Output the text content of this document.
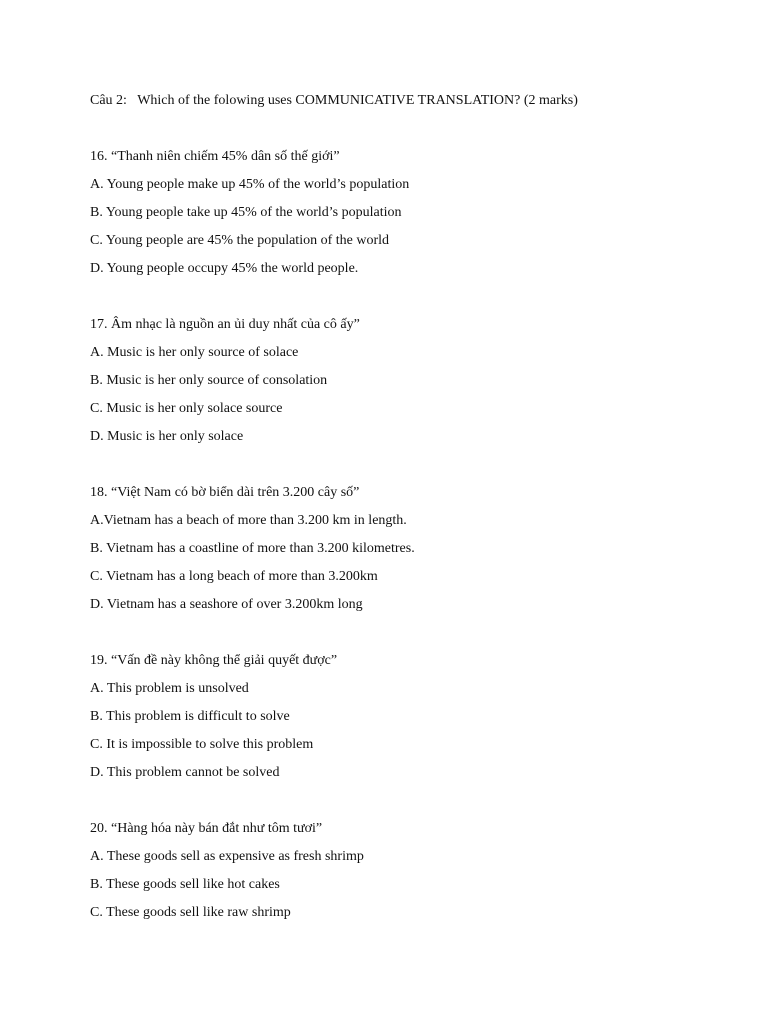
Câu 2:   Which of the folowing uses COMMUNICATIVE TRANSLATION? (2 marks)

16. “Thanh niên chiếm 45% dân số thế giới”

A. Young people make up 45% of the world’s population

B. Young people take up 45% of the world’s population

C. Young people are 45% the population of the world

D. Young people occupy 45% the world people.

17. Âm nhạc là nguồn an ủi duy nhất của cô ấy”

A. Music is her only source of solace

B. Music is her only source of consolation

C. Music is her only solace source

D. Music is her only solace

18. “Việt Nam có bờ biển dài trên 3.200 cây số”

A.Vietnam has a beach of more than 3.200 km in length.

B. Vietnam has a coastline of more than 3.200 kilometres.

C. Vietnam has a long beach of more than 3.200km

D. Vietnam has a seashore of over 3.200km long

19. “Vấn đề này không thể giải quyết được”

A. This problem is unsolved

B. This problem is difficult to solve

C. It is impossible to solve this problem

D. This problem cannot be solved

20. “Hàng hóa này bán đắt như tôm tươi”

A. These goods sell as expensive as fresh shrimp

B. These goods sell like hot cakes

C. These goods sell like raw shrimp
